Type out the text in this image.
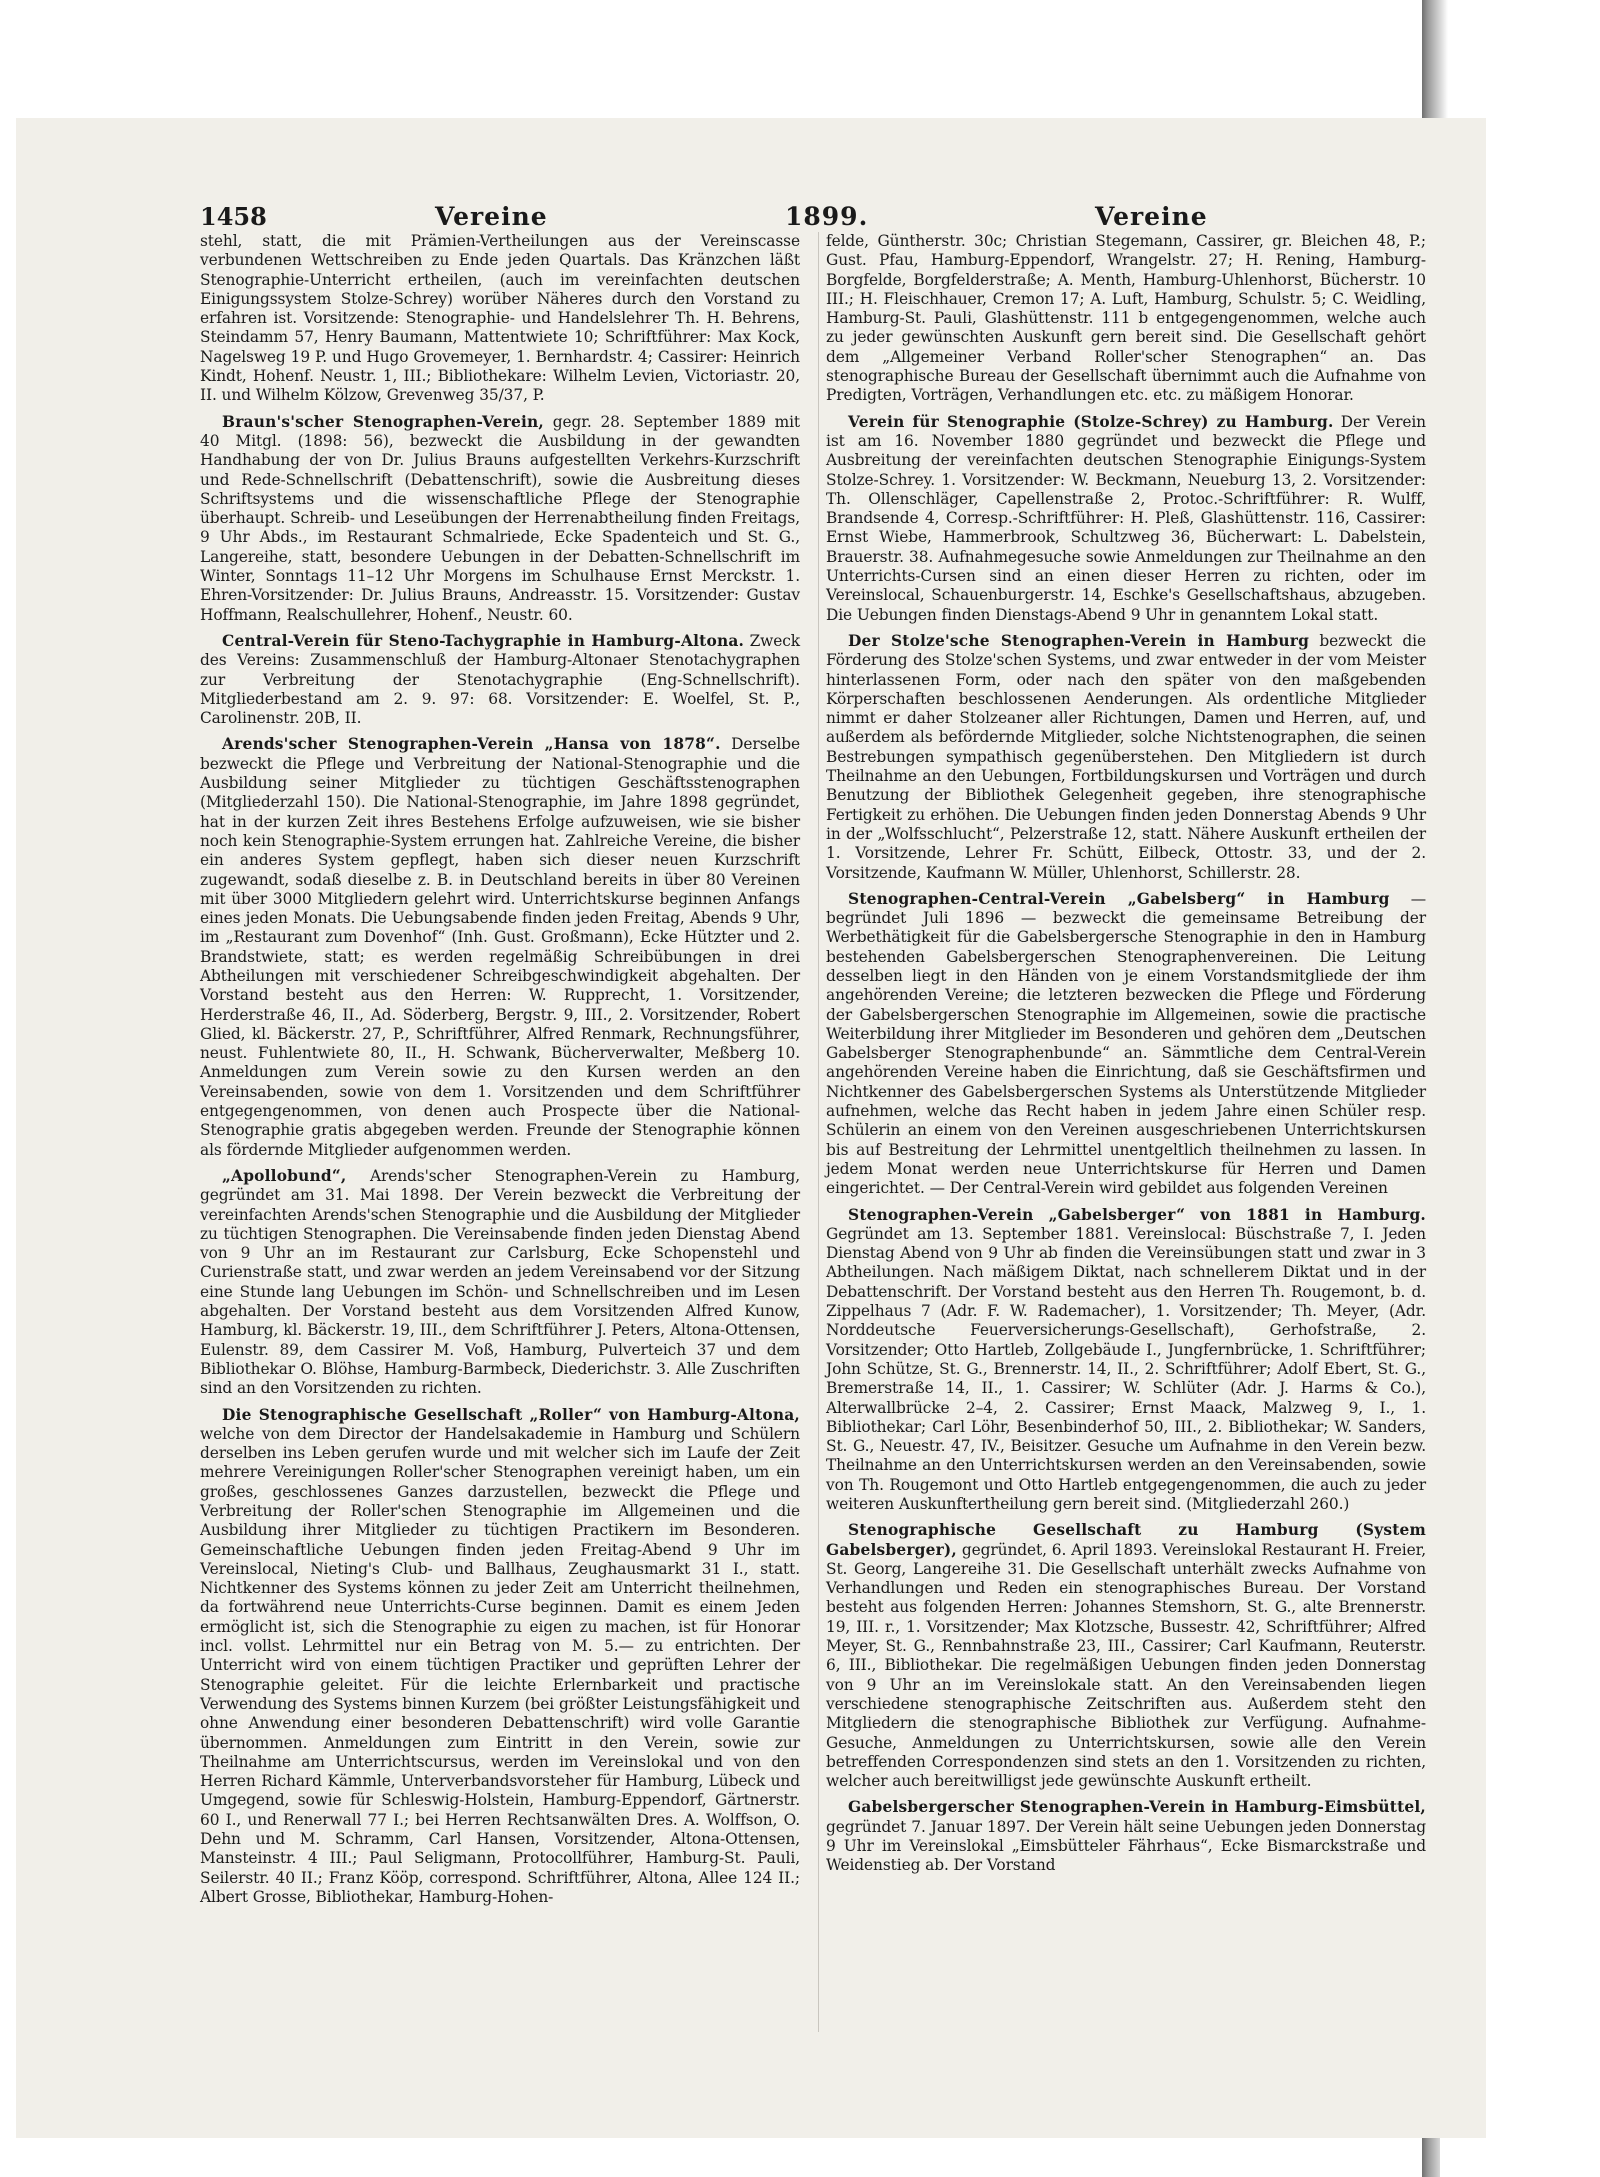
1458	Vereine	1899.	Vereine

stehl, statt, die mit Prämien-Vertheilungen aus der Vereinscasse verbundenen Wettschreiben zu Ende jeden Quartals. Das Kränzchen läßt Stenographie-Unterricht ertheilen, (auch im vereinfachten deutschen Einigungssystem Stolze-Schrey) worüber Näheres durch den Vorstand zu erfahren ist. Vorsitzende: Stenographie- und Handelslehrer Th. H. Behrens, Steindamm 57, Henry Baumann, Mattentwiete 10; Schriftführer: Max Kock, Nagelsweg 19 P. und Hugo Grovemeyer, 1. Bernhardstr. 4; Cassirer: Heinrich Kindt, Hohenf. Neustr. 1, III.; Bibliothekare: Wilhelm Levien, Victoriastr. 20, II. und Wilhelm Kölzow, Grevenweg 35/37, P.

Braun's'scher Stenographen-Verein, gegr. 28. September 1889 mit 40 Mitgl. (1898: 56), bezweckt die Ausbildung in der gewandten Handhabung der von Dr. Julius Brauns aufgestellten Verkehrs-Kurzschrift und Rede-Schnellschrift (Debattenschrift), sowie die Ausbreitung dieses Schriftsystems und die wissenschaftliche Pflege der Stenographie überhaupt. Schreib- und Leseübungen der Herrenabtheilung finden Freitags, 9 Uhr Abds., im Restaurant Schmalriede, Ecke Spadenteich und St. G., Langereihe, statt, besondere Uebungen in der Debatten-Schnellschrift im Winter, Sonntags 11–12 Uhr Morgens im Schulhause Ernst Merckstr. 1. Ehren-Vorsitzender: Dr. Julius Brauns, Andreasstr. 15. Vorsitzender: Gustav Hoffmann, Realschullehrer, Hohenf., Neustr. 60.

Central-Verein für Steno-Tachygraphie in Hamburg-Altona. Zweck des Vereins: Zusammenschluß der Hamburg-Altonaer Stenotachygraphen zur Verbreitung der Stenotachygraphie (Eng-Schnellschrift). Mitgliederbestand am 2. 9. 97: 68. Vorsitzender: E. Woelfel, St. P., Carolinenstr. 20B, II.

Arends'scher Stenographen-Verein „Hansa von 1878“. Derselbe bezweckt die Pflege und Verbreitung der National-Stenographie und die Ausbildung seiner Mitglieder zu tüchtigen Geschäftsstenographen (Mitgliederzahl 150). Die National-Stenographie, im Jahre 1898 gegründet, hat in der kurzen Zeit ihres Bestehens Erfolge aufzuweisen, wie sie bisher noch kein Stenographie-System errungen hat. Zahlreiche Vereine, die bisher ein anderes System gepflegt, haben sich dieser neuen Kurzschrift zugewandt, sodaß dieselbe z. B. in Deutschland bereits in über 80 Vereinen mit über 3000 Mitgliedern gelehrt wird. Unterrichtskurse beginnen Anfangs eines jeden Monats. Die Uebungsabende finden jeden Freitag, Abends 9 Uhr, im „Restaurant zum Dovenhof“ (Inh. Gust. Großmann), Ecke Hützter und 2. Brandstwiete, statt; es werden regelmäßig Schreibübungen in drei Abtheilungen mit verschiedener Schreibgeschwindigkeit abgehalten. Der Vorstand besteht aus den Herren: W. Rupprecht, 1. Vorsitzender, Herderstraße 46, II., Ad. Söderberg, Bergstr. 9, III., 2. Vorsitzender, Robert Glied, kl. Bäckerstr. 27, P., Schriftführer, Alfred Renmark, Rechnungsführer, neust. Fuhlentwiete 80, II., H. Schwank, Bücherverwalter, Meßberg 10. Anmeldungen zum Verein sowie zu den Kursen werden an den Vereinsabenden, sowie von dem 1. Vorsitzenden und dem Schriftführer entgegengenommen, von denen auch Prospecte über die National-Stenographie gratis abgegeben werden. Freunde der Stenographie können als fördernde Mitglieder aufgenommen werden.

„Apollobund“, Arends'scher Stenographen-Verein zu Hamburg, gegründet am 31. Mai 1898. Der Verein bezweckt die Verbreitung der vereinfachten Arends'schen Stenographie und die Ausbildung der Mitglieder zu tüchtigen Stenographen. Die Vereinsabende finden jeden Dienstag Abend von 9 Uhr an im Restaurant zur Carlsburg, Ecke Schopenstehl und Curienstraße statt, und zwar werden an jedem Vereinsabend vor der Sitzung eine Stunde lang Uebungen im Schön- und Schnellschreiben und im Lesen abgehalten. Der Vorstand besteht aus dem Vorsitzenden Alfred Kunow, Hamburg, kl. Bäckerstr. 19, III., dem Schriftführer J. Peters, Altona-Ottensen, Eulenstr. 89, dem Cassirer M. Voß, Hamburg, Pulverteich 37 und dem Bibliothekar O. Blöhse, Hamburg-Barmbeck, Diederichstr. 3. Alle Zuschriften sind an den Vorsitzenden zu richten.

Die Stenographische Gesellschaft „Roller“ von Hamburg-Altona, welche von dem Director der Handelsakademie in Hamburg und Schülern derselben ins Leben gerufen wurde und mit welcher sich im Laufe der Zeit mehrere Vereinigungen Roller'scher Stenographen vereinigt haben, um ein großes, geschlossenes Ganzes darzustellen, bezweckt die Pflege und Verbreitung der Roller'schen Stenographie im Allgemeinen und die Ausbildung ihrer Mitglieder zu tüchtigen Practikern im Besonderen. Gemeinschaftliche Uebungen finden jeden Freitag-Abend 9 Uhr im Vereinslocal, Nieting's Club- und Ballhaus, Zeughausmarkt 31 I., statt. Nichtkenner des Systems können zu jeder Zeit am Unterricht theilnehmen, da fortwährend neue Unterrichts-Curse beginnen. Damit es einem Jeden ermöglicht ist, sich die Stenographie zu eigen zu machen, ist für Honorar incl. vollst. Lehrmittel nur ein Betrag von M. 5.— zu entrichten. Der Unterricht wird von einem tüchtigen Practiker und geprüften Lehrer der Stenographie geleitet. Für die leichte Erlernbarkeit und practische Verwendung des Systems binnen Kurzem (bei größter Leistungsfähigkeit und ohne Anwendung einer besonderen Debattenschrift) wird volle Garantie übernommen. Anmeldungen zum Eintritt in den Verein, sowie zur Theilnahme am Unterrichtscursus, werden im Vereinslokal und von den Herren Richard Kämmle, Unterverbandsvorsteher für Hamburg, Lübeck und Umgegend, sowie für Schleswig-Holstein, Hamburg-Eppendorf, Gärtnerstr. 60 I., und Renerwall 77 I.; bei Herren Rechtsanwälten Dres. A. Wolffson, O. Dehn und M. Schramm, Carl Hansen, Vorsitzender, Altona-Ottensen, Mansteinstr. 4 III.; Paul Seligmann, Protocollführer, Hamburg-St. Pauli, Seilerstr. 40 II.; Franz Kööp, correspond. Schriftführer, Altona, Allee 124 II.; Albert Grosse, Bibliothekar, Hamburg-Hohen-

felde, Güntherstr. 30c; Christian Stegemann, Cassirer, gr. Bleichen 48, P.; Gust. Pfau, Hamburg-Eppendorf, Wrangelstr. 27; H. Rening, Hamburg-Borgfelde, Borgfelderstraße; A. Menth, Hamburg-Uhlenhorst, Bücherstr. 10 III.; H. Fleischhauer, Cremon 17; A. Luft, Hamburg, Schulstr. 5; C. Weidling, Hamburg-St. Pauli, Glashüttenstr. 111 b entgegengenommen, welche auch zu jeder gewünschten Auskunft gern bereit sind. Die Gesellschaft gehört dem „Allgemeiner Verband Roller'scher Stenographen“ an. Das stenographische Bureau der Gesellschaft übernimmt auch die Aufnahme von Predigten, Vorträgen, Verhandlungen etc. etc. zu mäßigem Honorar.

Verein für Stenographie (Stolze-Schrey) zu Hamburg. Der Verein ist am 16. November 1880 gegründet und bezweckt die Pflege und Ausbreitung der vereinfachten deutschen Stenographie Einigungs-System Stolze-Schrey. 1. Vorsitzender: W. Beckmann, Neueburg 13, 2. Vorsitzender: Th. Ollenschläger, Capellenstraße 2, Protoc.-Schriftführer: R. Wulff, Brandsende 4, Corresp.-Schriftführer: H. Pleß, Glashüttenstr. 116, Cassirer: Ernst Wiebe, Hammerbrook, Schultzweg 36, Bücherwart: L. Dabelstein, Brauerstr. 38. Aufnahmegesuche sowie Anmeldungen zur Theilnahme an den Unterrichts-Cursen sind an einen dieser Herren zu richten, oder im Vereinslocal, Schauenburgerstr. 14, Eschke's Gesellschaftshaus, abzugeben. Die Uebungen finden Dienstags-Abend 9 Uhr in genanntem Lokal statt.

Der Stolze'sche Stenographen-Verein in Hamburg bezweckt die Förderung des Stolze'schen Systems, und zwar entweder in der vom Meister hinterlassenen Form, oder nach den später von den maßgebenden Körperschaften beschlossenen Aenderungen. Als ordentliche Mitglieder nimmt er daher Stolzeaner aller Richtungen, Damen und Herren, auf, und außerdem als befördernde Mitglieder, solche Nichtstenographen, die seinen Bestrebungen sympathisch gegenüberstehen. Den Mitgliedern ist durch Theilnahme an den Uebungen, Fortbildungskursen und Vorträgen und durch Benutzung der Bibliothek Gelegenheit gegeben, ihre stenographische Fertigkeit zu erhöhen. Die Uebungen finden jeden Donnerstag Abends 9 Uhr in der „Wolfsschlucht“, Pelzerstraße 12, statt. Nähere Auskunft ertheilen der 1. Vorsitzende, Lehrer Fr. Schütt, Eilbeck, Ottostr. 33, und der 2. Vorsitzende, Kaufmann W. Müller, Uhlenhorst, Schillerstr. 28.

Stenographen-Central-Verein „Gabelsberg“ in Hamburg — begründet Juli 1896 — bezweckt die gemeinsame Betreibung der Werbethätigkeit für die Gabelsbergersche Stenographie in den in Hamburg bestehenden Gabelsbergerschen Stenographenvereinen. Die Leitung desselben liegt in den Händen von je einem Vorstandsmitgliede der ihm angehörenden Vereine; die letzteren bezwecken die Pflege und Förderung der Gabelsbergerschen Stenographie im Allgemeinen, sowie die practische Weiterbildung ihrer Mitglieder im Besonderen und gehören dem „Deutschen Gabelsberger Stenographenbunde“ an. Sämmtliche dem Central-Verein angehörenden Vereine haben die Einrichtung, daß sie Geschäftsfirmen und Nichtkenner des Gabelsbergerschen Systems als Unterstützende Mitglieder aufnehmen, welche das Recht haben in jedem Jahre einen Schüler resp. Schülerin an einem von den Vereinen ausgeschriebenen Unterrichtskursen bis auf Bestreitung der Lehrmittel unentgeltlich theilnehmen zu lassen. In jedem Monat werden neue Unterrichtskurse für Herren und Damen eingerichtet. — Der Central-Verein wird gebildet aus folgenden Vereinen

Stenographen-Verein „Gabelsberger“ von 1881 in Hamburg. Gegründet am 13. September 1881. Vereinslocal: Büschstraße 7, I. Jeden Dienstag Abend von 9 Uhr ab finden die Vereinsübungen statt und zwar in 3 Abtheilungen. Nach mäßigem Diktat, nach schnellerem Diktat und in der Debattenschrift. Der Vorstand besteht aus den Herren Th. Rougemont, b. d. Zippelhaus 7 (Adr. F. W. Rademacher), 1. Vorsitzender; Th. Meyer, (Adr. Norddeutsche Feuerversicherungs-Gesellschaft), Gerhofstraße, 2. Vorsitzender; Otto Hartleb, Zollgebäude I., Jungfernbrücke, 1. Schriftführer; John Schütze, St. G., Brennerstr. 14, II., 2. Schriftführer; Adolf Ebert, St. G., Bremerstraße 14, II., 1. Cassirer; W. Schlüter (Adr. J. Harms & Co.), Alterwallbrücke 2–4, 2. Cassirer; Ernst Maack, Malzweg 9, I., 1. Bibliothekar; Carl Löhr, Besenbinderhof 50, III., 2. Bibliothekar; W. Sanders, St. G., Neuestr. 47, IV., Beisitzer. Gesuche um Aufnahme in den Verein bezw. Theilnahme an den Unterrichtskursen werden an den Vereinsabenden, sowie von Th. Rougemont und Otto Hartleb entgegengenommen, die auch zu jeder weiteren Auskunftertheilung gern bereit sind. (Mitgliederzahl 260.)

Stenographische Gesellschaft zu Hamburg (System Gabelsberger), gegründet, 6. April 1893. Vereinslokal Restaurant H. Freier, St. Georg, Langereihe 31. Die Gesellschaft unterhält zwecks Aufnahme von Verhandlungen und Reden ein stenographisches Bureau. Der Vorstand besteht aus folgenden Herren: Johannes Stemshorn, St. G., alte Brennerstr. 19, III. r., 1. Vorsitzender; Max Klotzsche, Bussestr. 42, Schriftführer; Alfred Meyer, St. G., Rennbahnstraße 23, III., Cassirer; Carl Kaufmann, Reuterstr. 6, III., Bibliothekar. Die regelmäßigen Uebungen finden jeden Donnerstag von 9 Uhr an im Vereinslokale statt. An den Vereinsabenden liegen verschiedene stenographische Zeitschriften aus. Außerdem steht den Mitgliedern die stenographische Bibliothek zur Verfügung. Aufnahme-Gesuche, Anmeldungen zu Unterrichtskursen, sowie alle den Verein betreffenden Correspondenzen sind stets an den 1. Vorsitzenden zu richten, welcher auch bereitwilligst jede gewünschte Auskunft ertheilt.

Gabelsbergerscher Stenographen-Verein in Hamburg-Eimsbüttel, gegründet 7. Januar 1897. Der Verein hält seine Uebungen jeden Donnerstag 9 Uhr im Vereinslokal „Eimsbütteler Fährhaus“, Ecke Bismarckstraße und Weidenstieg ab. Der Vorstand
